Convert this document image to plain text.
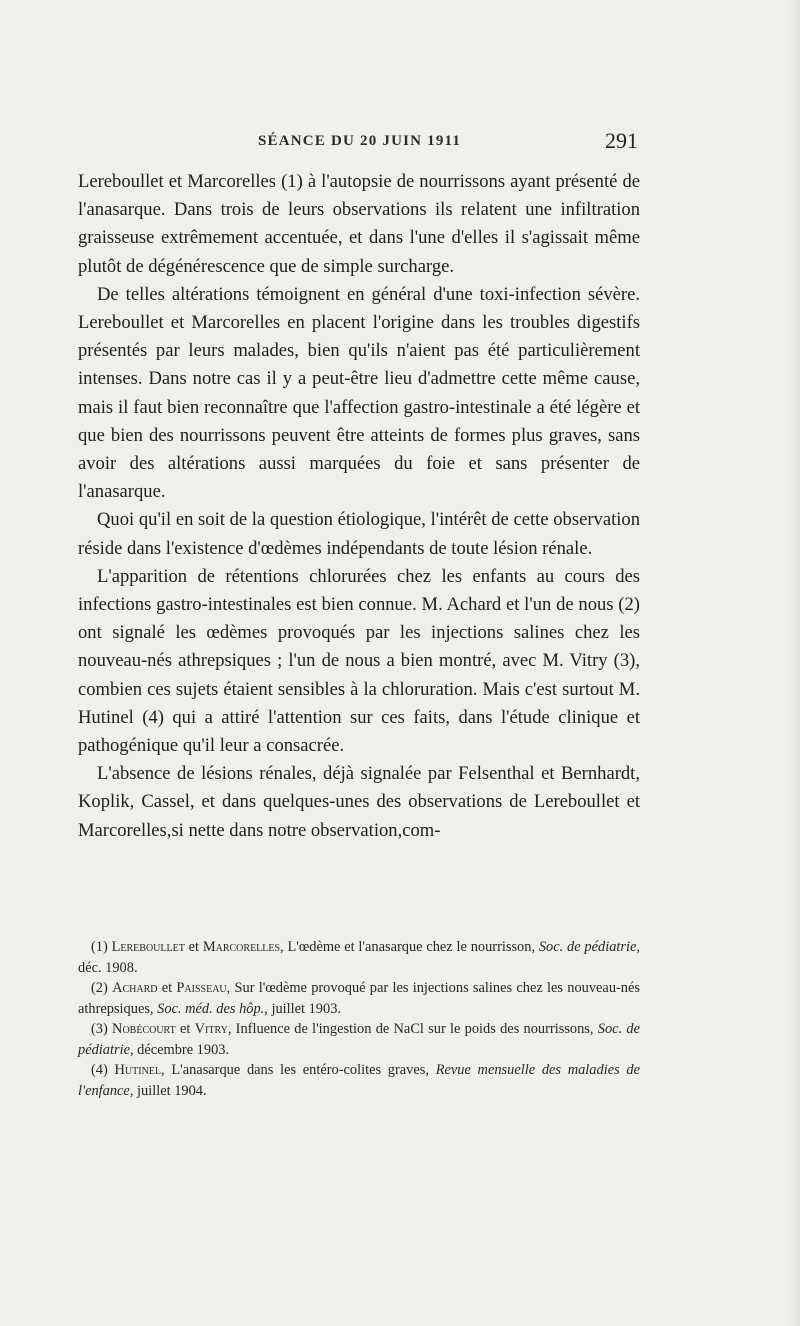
SÉANCE DU 20 JUIN 1911	291

Lereboullet et Marcorelles (1) à l'autopsie de nourrissons ayant présenté de l'anasarque. Dans trois de leurs observations ils relatent une infiltration graisseuse extrêmement accentuée, et dans l'une d'elles il s'agissait même plutôt de dégénérescence que de simple surcharge.

De telles altérations témoignent en général d'une toxi-infection sévère. Lereboullet et Marcorelles en placent l'origine dans les troubles digestifs présentés par leurs malades, bien qu'ils n'aient pas été particulièrement intenses. Dans notre cas il y a peut-être lieu d'admettre cette même cause, mais il faut bien reconnaître que l'affection gastro-intestinale a été légère et que bien des nourrissons peuvent être atteints de formes plus graves, sans avoir des altérations aussi marquées du foie et sans présenter de l'anasarque.

Quoi qu'il en soit de la question étiologique, l'intérêt de cette observation réside dans l'existence d'œdèmes indépendants de toute lésion rénale.

L'apparition de rétentions chlorurées chez les enfants au cours des infections gastro-intestinales est bien connue. M. Achard et l'un de nous (2) ont signalé les œdèmes provoqués par les injections salines chez les nouveau-nés athrepsiques ; l'un de nous a bien montré, avec M. Vitry (3), combien ces sujets étaient sensibles à la chloruration. Mais c'est surtout M. Hutinel (4) qui a attiré l'attention sur ces faits, dans l'étude clinique et pathogénique qu'il leur a consacrée.

L'absence de lésions rénales, déjà signalée par Felsenthal et Bernhardt, Koplik, Cassel, et dans quelques-unes des observations de Lereboullet et Marcorelles,si nette dans notre observation,com-

(1) Lereboullet et Marcorelles, L'œdème et l'anasarque chez le nourrisson, Soc. de pédiatrie, déc. 1908.

(2) Achard et Paisseau, Sur l'œdème provoqué par les injections salines chez les nouveau-nés athrepsiques, Soc. méd. des hôp., juillet 1903.

(3) Nobécourt et Vitry, Influence de l'ingestion de NaCl sur le poids des nourrissons, Soc. de pédiatrie, décembre 1903.

(4) Hutinel, L'anasarque dans les entéro-colites graves, Revue mensuelle des maladies de l'enfance, juillet 1904.
